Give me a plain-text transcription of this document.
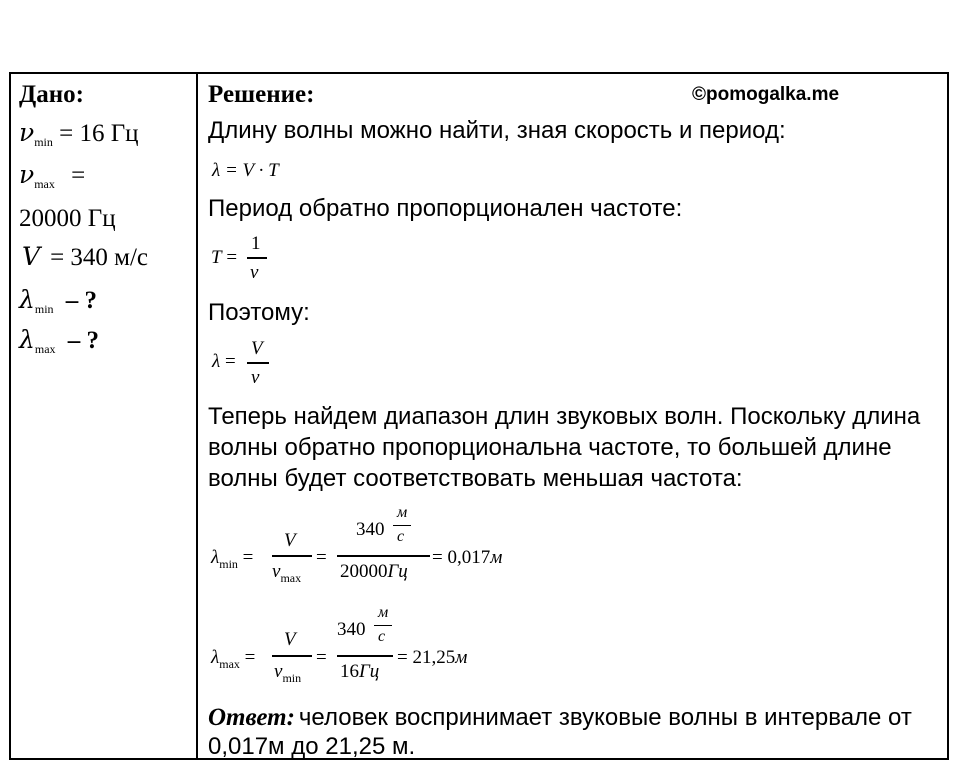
Дано:
$\nu_{min} = 16$ Гц
$\nu_{max}$ =
20000 Гц
V = 340 м/с
$\lambda_{min}$ – ?
$\lambda_{max}$ – ?
Решение:	©pomogalka.me
Длину волны можно найти, зная скорость и период:
λ = V · T
Период обратно пропорционален частоте:
T =
1
ν
Поэтому:
λ =
V
ν
Теперь найдем диапазон длин звуковых волн. Поскольку длина
волны обратно пропорциональна частоте, то большей длине
волны будет соответствовать меньшая частота:
$\lambda_{min}$ =
V
$\nu_{max}$
=
340
м
с
20000Гц
= 0,017м
$\lambda_{max}$ =
V
$\nu_{min}$
=
340
м
с
16Гц
= 21,25м
Ответ: человек воспринимает звуковые волны в интервале от
0,017м до 21,25 м.
